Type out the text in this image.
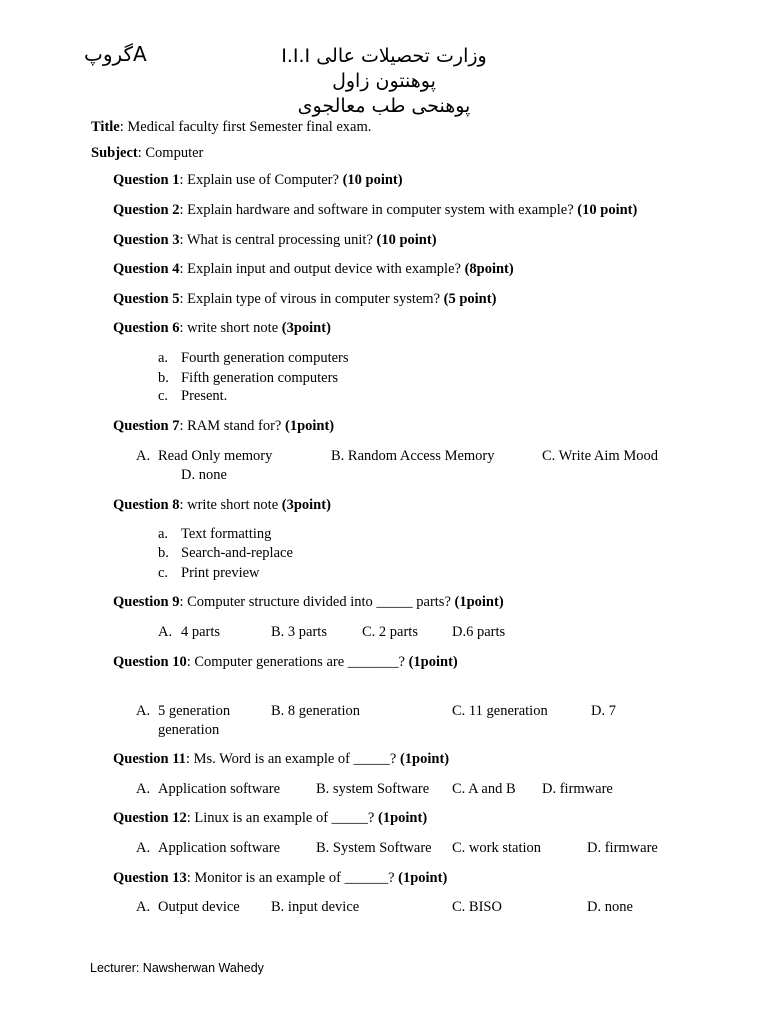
گروپA	وزارت تحصیلات عالی I.I.I
پوهنتون زاول
پوهنحی طب معالجوی
Title: Medical faculty first Semester final exam.
Subject: Computer
Question 1: Explain use of Computer? (10 point)
Question 2: Explain hardware and software in computer system with example? (10 point)
Question 3: What is central processing unit? (10 point)
Question 4: Explain input and output device with example? (8point)
Question 5: Explain type of virous in computer system? (5 point)
Question 6: write short note (3point)
a. Fourth generation computers
b. Fifth generation computers
c. Present.
Question 7: RAM stand for? (1point)
A. Read Only memory	B. Random Access Memory	C. Write Aim Mood
D. none
Question 8: write short note (3point)
a. Text formatting
b. Search-and-replace
c. Print preview
Question 9: Computer structure divided into _____ parts? (1point)
A. 4 parts	B. 3 parts C. 2 parts D.6 parts
Question 10: Computer generations are _______? (1point)
A. 5 generation	B. 8 generation	C. 11 generation	D. 7
generation
Question 11: Ms. Word is an example of _____? (1point)
A. Application software B. system Software C. A and B D. firmware
Question 12: Linux is an example of _____? (1point)
A. Application software B. System Software C. work station	D. firmware
Question 13: Monitor is an example of ______? (1point)
A. Output device B. input device	C. BISO	D. none
Lecturer: Nawsherwan Wahedy
